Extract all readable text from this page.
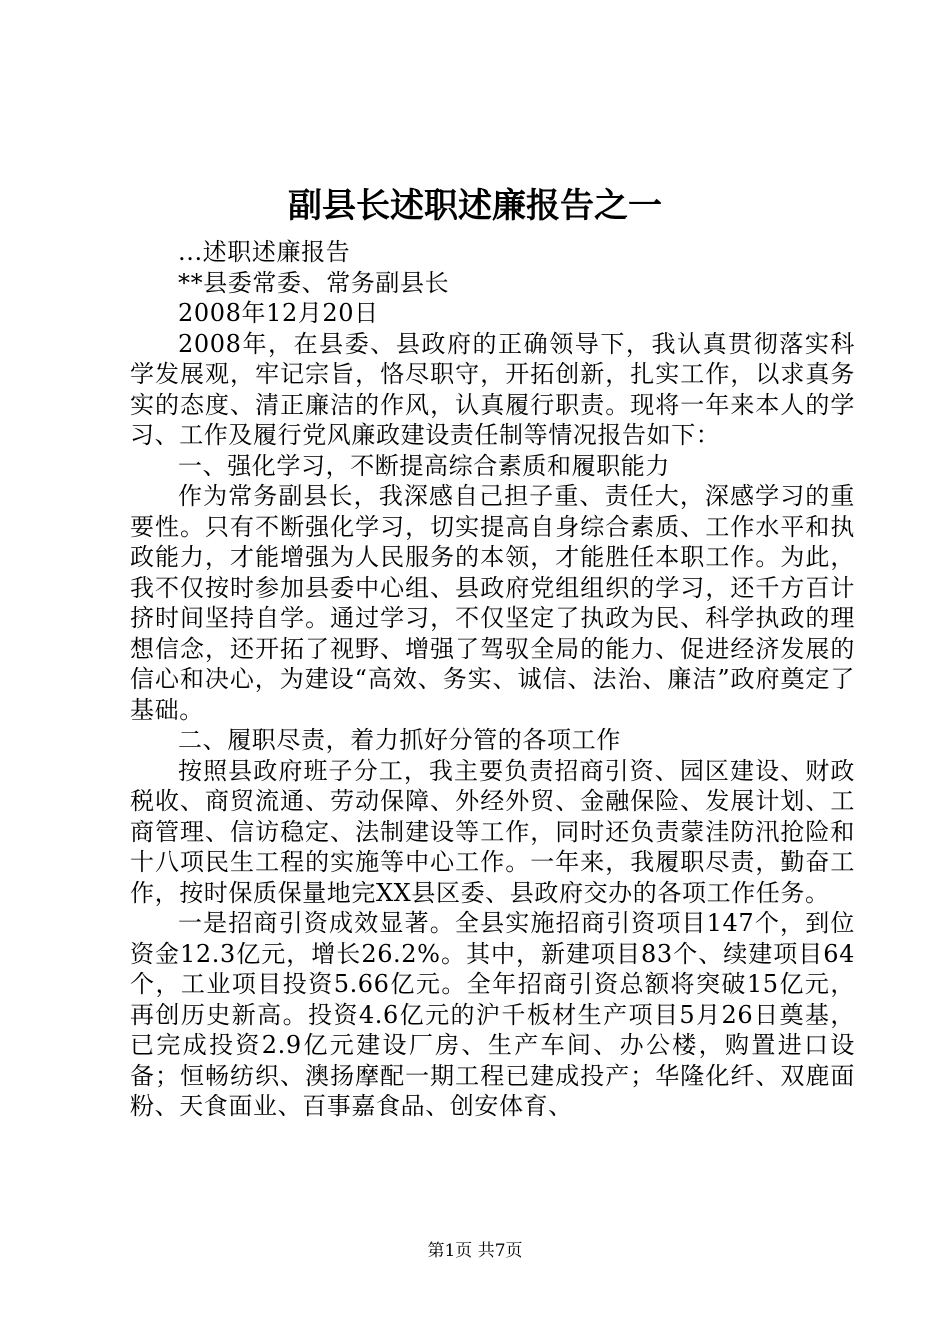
副县长述职述廉报告之一

...述职述廉报告

**县委常委、常务副县长

2008年12月20日

2008年，在县委、县政府的正确领导下，我认真贯彻落实科学发展观，牢记宗旨，恪尽职守，开拓创新，扎实工作，以求真务实的态度、清正廉洁的作风，认真履行职责。现将一年来本人的学习、工作及履行党风廉政建设责任制等情况报告如下：

一、强化学习，不断提高综合素质和履职能力

作为常务副县长，我深感自己担子重、责任大，深感学习的重要性。只有不断强化学习，切实提高自身综合素质、工作水平和执政能力，才能增强为人民服务的本领，才能胜任本职工作。为此，我不仅按时参加县委中心组、县政府党组组织的学习，还千方百计挤时间坚持自学。通过学习，不仅坚定了执政为民、科学执政的理想信念，还开拓了视野、增强了驾驭全局的能力、促进经济发展的信心和决心，为建设“高效、务实、诚信、法治、廉洁”政府奠定了基础。

二、履职尽责，着力抓好分管的各项工作

按照县政府班子分工，我主要负责招商引资、园区建设、财政税收、商贸流通、劳动保障、外经外贸、金融保险、发展计划、工商管理、信访稳定、法制建设等工作，同时还负责蒙洼防汛抢险和十八项民生工程的实施等中心工作。一年来，我履职尽责，勤奋工作，按时保质保量地完XX县区委、县政府交办的各项工作任务。

一是招商引资成效显著。全县实施招商引资项目147个，到位资金12.3亿元，增长26.2%。其中，新建项目83个、续建项目64个，工业项目投资5.66亿元。全年招商引资总额将突破15亿元，再创历史新高。投资4.6亿元的沪千板材生产项目5月26日奠基，已完成投资2.9亿元建设厂房、生产车间、办公楼，购置进口设备；恒畅纺织、澳扬摩配一期工程已建成投产；华隆化纤、双鹿面粉、天食面业、百事嘉食品、创安体育、

第1页 共7页
